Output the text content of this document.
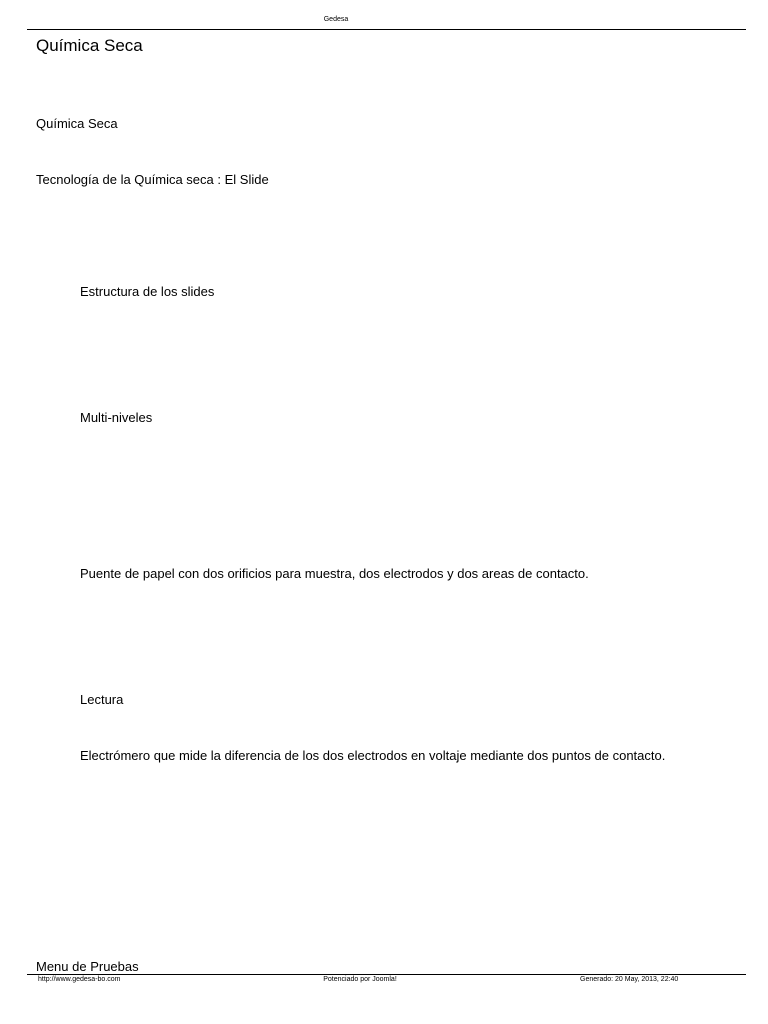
Gedesa
Química Seca
Química Seca
Tecnología de la Química seca : El Slide
Estructura de los slides
Multi-niveles
Puente de papel con dos orificios para muestra, dos electrodos y dos areas de contacto.
Lectura
Electrómero que mide la diferencia de los dos electrodos en voltaje mediante dos puntos de contacto.
Menu de Pruebas
http://www.gedesa-bo.com	Potenciado por Joomla!	Generado: 20 May, 2013, 22:40
